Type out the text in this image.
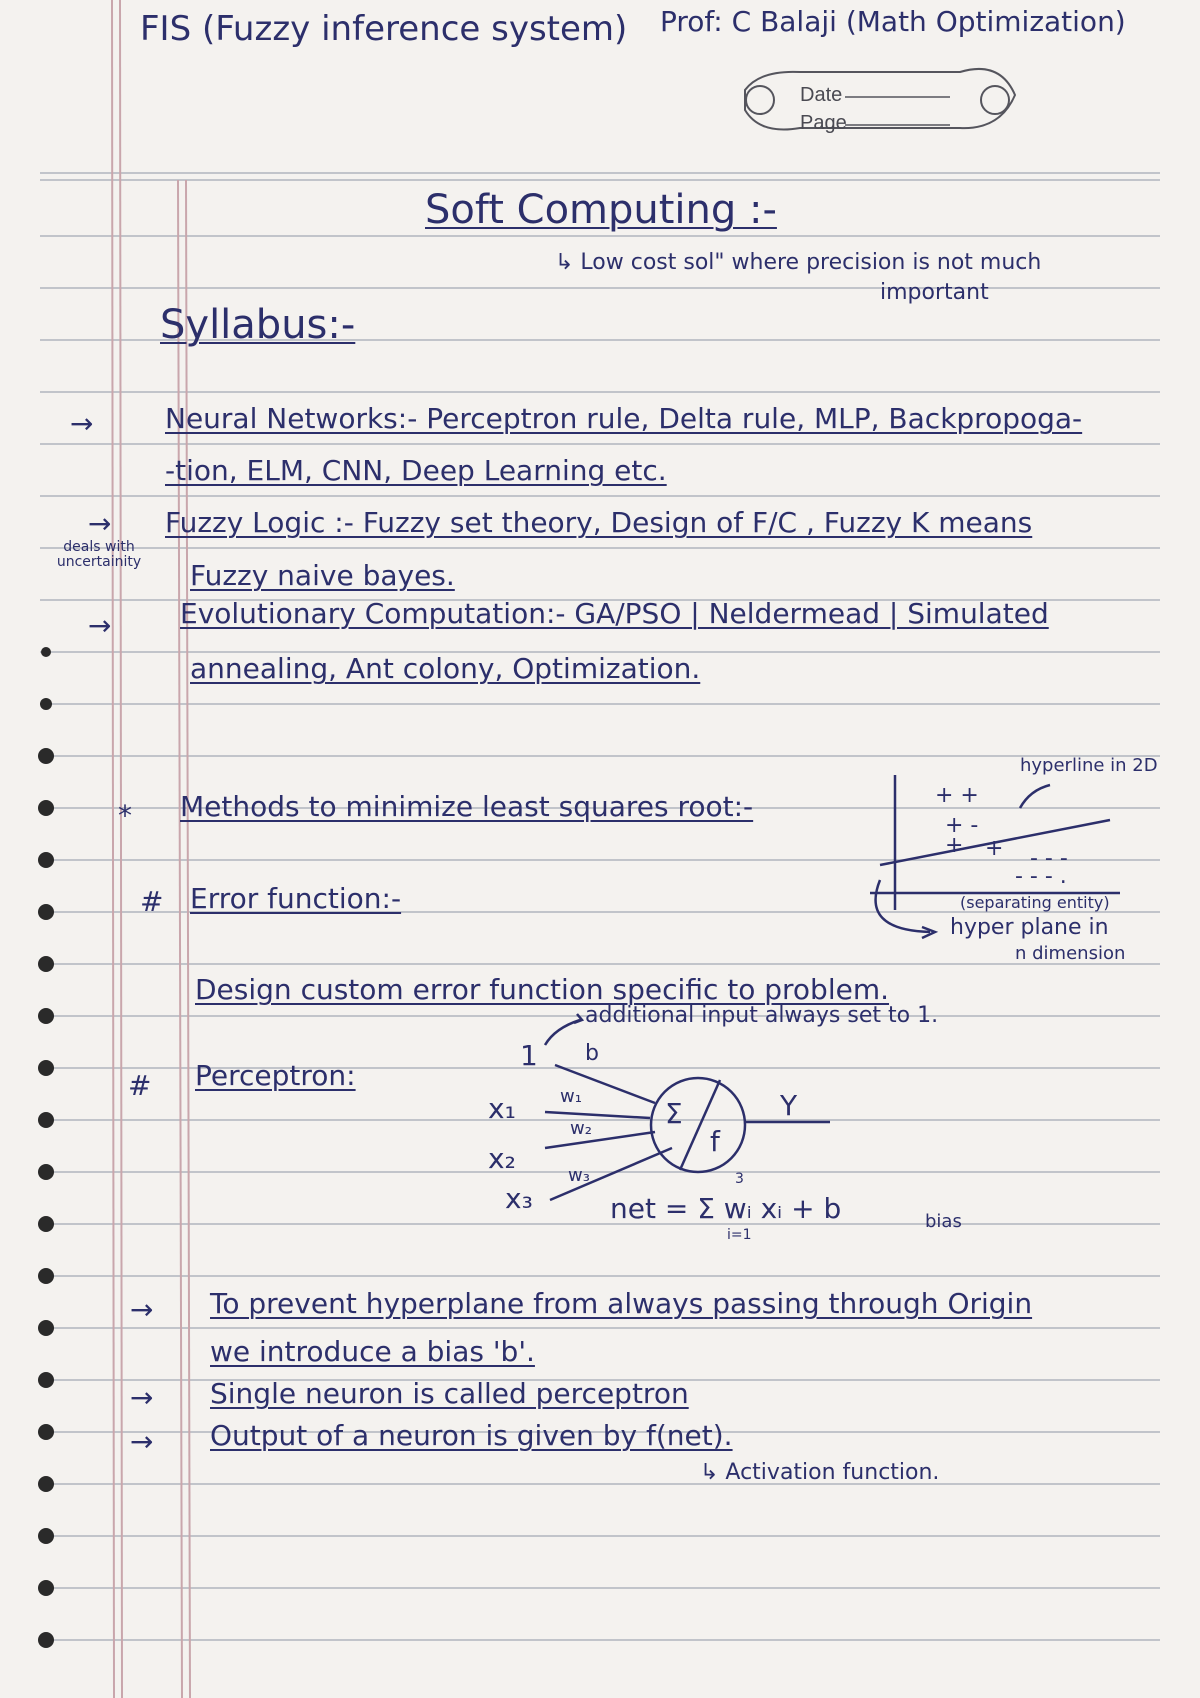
FIS (Fuzzy inference system) Prof: C Balaji (Math Optimization)
Date
Page
Soft Computing :-
↳ Low cost sol" where precision is not much
important
Syllabus:-
→	Neural Networks:- Perceptron rule, Delta rule, MLP, Backpropoga-
-tion, ELM, CNN, Deep Learning etc.
→ Fuzzy Logic :- Fuzzy set theory, Design of F/C , Fuzzy K means
deals with uncertainity	Fuzzy naive bayes.
→ Evolutionary Computation:- GA/PSO | Neldermead | Simulated
annealing, Ant colony, Optimization.
* Methods to minimize least squares root:-
hyperline in 2D
+ +
+ -
+ + - - -
- - - .
(separating entity)
hyper plane in
n dimension
# Error function:-
Design custom error function specific to problem.
# Perceptron:
additional input always set to 1.
1 b
x₁
x₂
x₃
w₁
w₂
w₃
Σ
f
Y
3
net = Σ wᵢ xᵢ + b
i=1
bias
→ To prevent hyperplane from always passing through Origin
we introduce a bias 'b'.
→ Single neuron is called perceptron
→ Output of a neuron is given by f(net).
↳ Activation function.
